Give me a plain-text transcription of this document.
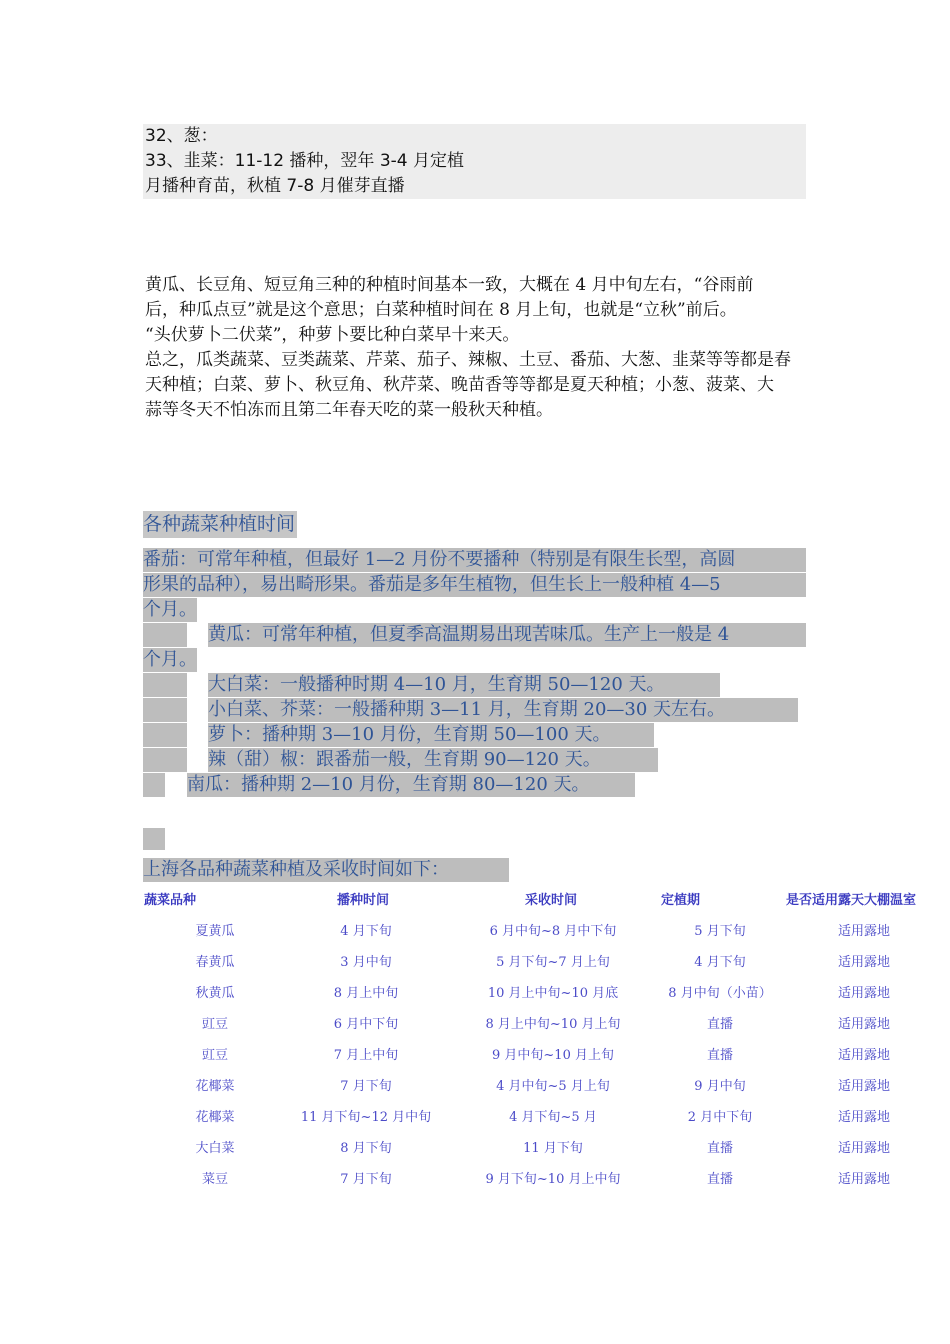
32、葱：
33、韭菜：11-12 播种，翌年 3-4 月定植
月播种育苗，秋植 7-8 月催芽直播
黄瓜、长豆角、短豆角三种的种植时间基本一致，大概在 4 月中旬左右，“谷雨前
后，种瓜点豆”就是这个意思；白菜种植时间在 8 月上旬，也就是“立秋”前后。
“头伏萝卜二伏菜”，种萝卜要比种白菜早十来天。
总之，瓜类蔬菜、豆类蔬菜、芹菜、茄子、辣椒、土豆、番茄、大葱、韭菜等等都是春
天种植；白菜、萝卜、秋豆角、秋芹菜、晚苗香等等都是夏天种植；小葱、菠菜、大
蒜等冬天不怕冻而且第二年春天吃的菜一般秋天种植。
各种蔬菜种植时间
番茄：可常年种植，但最好 1—2 月份不要播种（特别是有限生长型，高圆
形果的品种），易出畸形果。番茄是多年生植物，但生长上一般种植 4—5
个月。
黄瓜：可常年种植，但夏季高温期易出现苦味瓜。生产上一般是 4
个月。
大白菜：一般播种时期 4—10 月，生育期 50—120 天。
小白菜、芥菜：一般播种期 3—11 月，生育期 20—30 天左右。
萝卜：播种期 3—10 月份，生育期 50—100 天。
辣（甜）椒：跟番茄一般，生育期 90—120 天。
南瓜：播种期 2—10 月份，生育期 80—120 天。
上海各品种蔬菜种植及采收时间如下：
蔬菜品种	播种时间	采收时间	定植期	是否适用露天大棚温室
夏黄瓜	4 月下旬	6 月中旬~8 月中下旬	5 月下旬	适用露地
春黄瓜	3 月中旬	5 月下旬~7 月上旬	4 月下旬	适用露地
秋黄瓜	8 月上中旬	10 月上中旬~10 月底	8 月中旬（小苗）	适用露地
豇豆	6 月中下旬	8 月上中旬~10 月上旬	直播	适用露地
豇豆	7 月上中旬	9 月中旬~10 月上旬	直播	适用露地
花椰菜	7 月下旬	4 月中旬~5 月上旬	9 月中旬	适用露地
花椰菜	11 月下旬~12 月中旬	4 月下旬~5 月	2 月中下旬	适用露地
大白菜	8 月下旬	11 月下旬	直播	适用露地
菜豆	7 月下旬	9 月下旬~10 月上中旬	直播	适用露地
